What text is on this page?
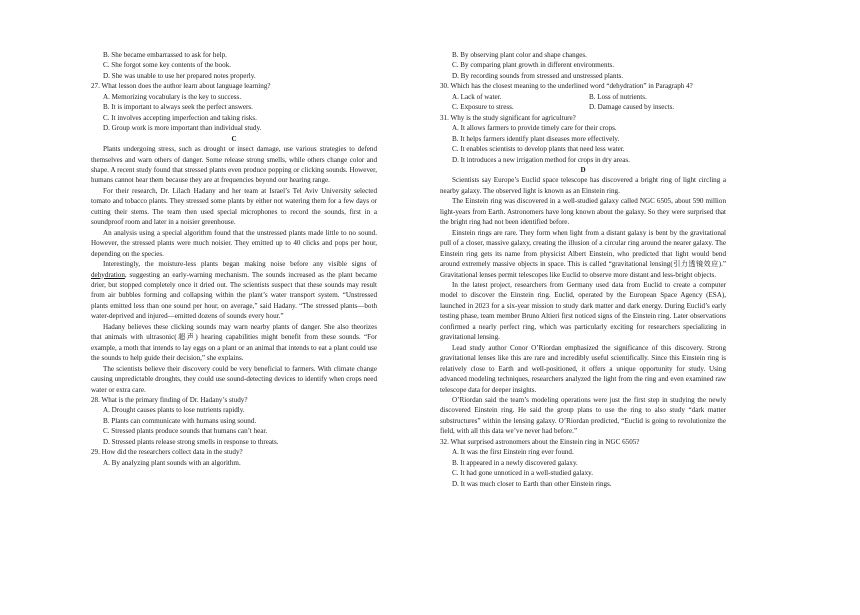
B. She became embarrassed to ask for help.
C. She forgot some key contents of the book.
D. She was unable to use her prepared notes properly.
27. What lesson does the author learn about language learning?
A. Memorizing vocabulary is the key to success.
B. It is important to always seek the perfect answers.
C. It involves accepting imperfection and taking risks.
D. Group work is more important than individual study.
C
Plants undergoing stress, such as drought or insect damage, use various strategies to defend themselves and warn others of danger. Some release strong smells, while others change color and shape. A recent study found that stressed plants even produce popping or clicking sounds. However, humans cannot hear them because they are at frequencies beyond our hearing range.
For their research, Dr. Lilach Hadany and her team at Israel’s Tel Aviv University selected tomato and tobacco plants. They stressed some plants by either not watering them for a few days or cutting their stems. The team then used special microphones to record the sounds, first in a soundproof room and later in a noisier greenhouse.
An analysis using a special algorithm found that the unstressed plants made little to no sound. However, the stressed plants were much noisier. They emitted up to 40 clicks and pops per hour, depending on the species.
Interestingly, the moisture-less plants began making noise before any visible signs of dehydration, suggesting an early-warning mechanism. The sounds increased as the plant became drier, but stopped completely once it dried out. The scientists suspect that these sounds may result from air bubbles forming and collapsing within the plant’s water transport system. “Unstressed plants emitted less than one sound per hour, on average,” said Hadany. “The stressed plants—both water-deprived and injured—emitted dozens of sounds every hour.”
Hadany believes these clicking sounds may warn nearby plants of danger. She also theorizes that animals with ultrasonic(超声) hearing capabilities might benefit from these sounds. “For example, a moth that intends to lay eggs on a plant or an animal that intends to eat a plant could use the sounds to help guide their decision,” she explains.
The scientists believe their discovery could be very beneficial to farmers. With climate change causing unpredictable droughts, they could use sound-detecting devices to identify when crops need water or extra care.
28. What is the primary finding of Dr. Hadany’s study?
A. Drought causes plants to lose nutrients rapidly.
B. Plants can communicate with humans using sound.
C. Stressed plants produce sounds that humans can’t hear.
D. Stressed plants release strong smells in response to threats.
29. How did the researchers collect data in the study?
A. By analyzing plant sounds with an algorithm.
B. By observing plant color and shape changes.
C. By comparing plant growth in different environments.
D. By recording sounds from stressed and unstressed plants.
30. Which has the closest meaning to the underlined word “dehydration” in Paragraph 4?
A. Lack of water.	B. Loss of nutrients.
C. Exposure to stress.	D. Damage caused by insects.
31. Why is the study significant for agriculture?
A. It allows farmers to provide timely care for their crops.
B. It helps farmers identify plant diseases more effectively.
C. It enables scientists to develop plants that need less water.
D. It introduces a new irrigation method for crops in dry areas.
D
Scientists say Europe’s Euclid space telescope has discovered a bright ring of light circling a nearby galaxy. The observed light is known as an Einstein ring.
The Einstein ring was discovered in a well-studied galaxy called NGC 6505, about 590 million light-years from Earth. Astronomers have long known about the galaxy. So they were surprised that the bright ring had not been identified before.
Einstein rings are rare. They form when light from a distant galaxy is bent by the gravitational pull of a closer, massive galaxy, creating the illusion of a circular ring around the nearer galaxy. The Einstein ring gets its name from physicist Albert Einstein, who predicted that light would bend around extremely massive objects in space. This is called “gravitational lensing(引力透镜效应).” Gravitational lenses permit telescopes like Euclid to observe more distant and less-bright objects.
In the latest project, researchers from Germany used data from Euclid to create a computer model to discover the Einstein ring. Euclid, operated by the European Space Agency (ESA), launched in 2023 for a six-year mission to study dark matter and dark energy. During Euclid’s early testing phase, team member Bruno Altieri first noticed signs of the Einstein ring. Later observations confirmed a nearly perfect ring, which was particularly exciting for researchers specializing in gravitational lensing.
Lead study author Conor O’Riordan emphasized the significance of this discovery. Strong gravitational lenses like this are rare and incredibly useful scientifically. Since this Einstein ring is relatively close to Earth and well-positioned, it offers a unique opportunity for study. Using advanced modeling techniques, researchers analyzed the light from the ring and even examined raw telescope data for deeper insights.
O’Riordan said the team’s modeling operations were just the first step in studying the newly discovered Einstein ring. He said the group plans to use the ring to also study “dark matter substructures” within the lensing galaxy. O’Riordan predicted, “Euclid is going to revolutionize the field, with all this data we’ve never had before.”
32. What surprised astronomers about the Einstein ring in NGC 6505?
A. It was the first Einstein ring ever found.
B. It appeared in a newly discovered galaxy.
C. It had gone unnoticed in a well-studied galaxy.
D. It was much closer to Earth than other Einstein rings.
